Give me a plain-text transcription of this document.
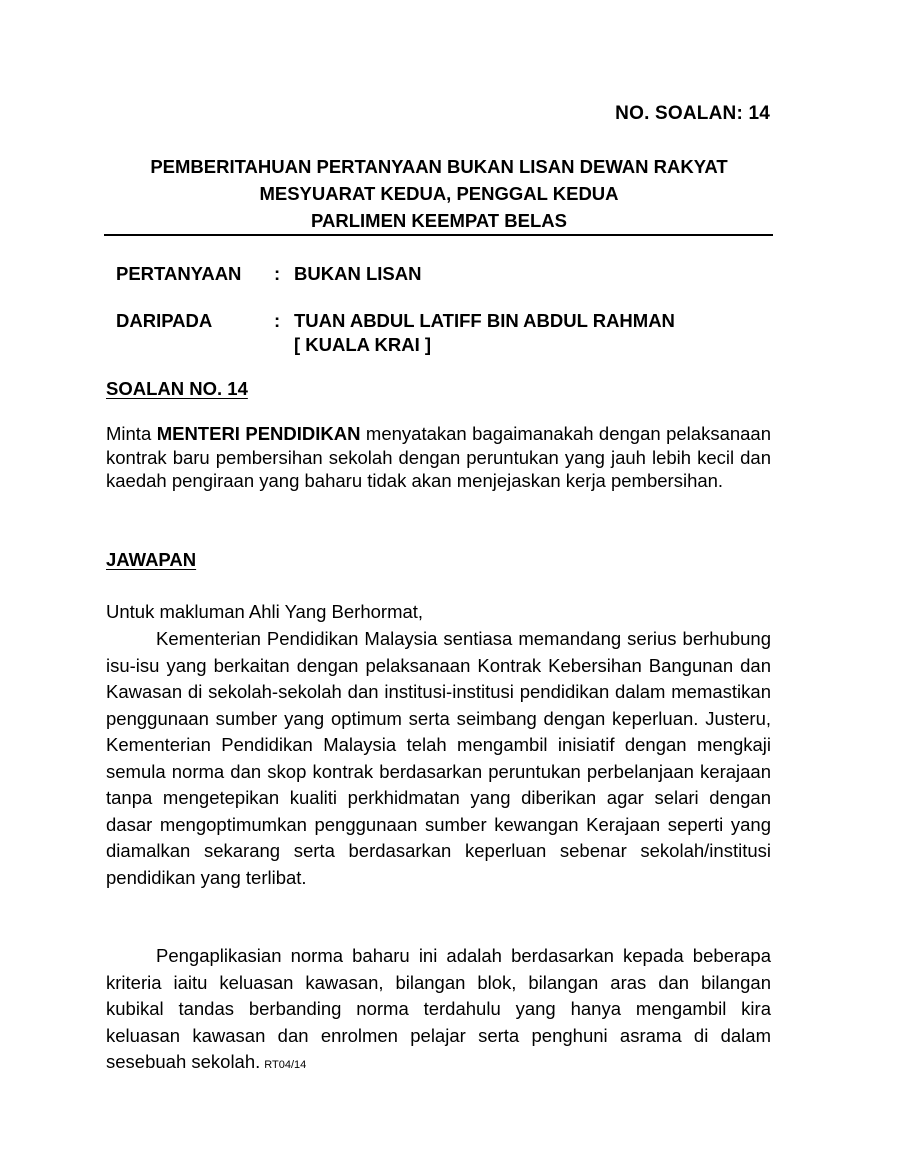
NO. SOALAN: 14
PEMBERITAHUAN PERTANYAAN BUKAN LISAN DEWAN RAKYAT
MESYUARAT KEDUA, PENGGAL KEDUA
PARLIMEN KEEMPAT BELAS
PERTANYAAN : BUKAN LISAN
DARIPADA	: TUAN ABDUL LATIFF BIN ABDUL RAHMAN
[ KUALA KRAI ]
SOALAN NO. 14
Minta MENTERI PENDIDIKAN menyatakan bagaimanakah dengan pelaksanaan kontrak baru pembersihan sekolah dengan peruntukan yang jauh lebih kecil dan kaedah pengiraan yang baharu tidak akan menjejaskan kerja pembersihan.
JAWAPAN
Untuk makluman Ahli Yang Berhormat,
Kementerian Pendidikan Malaysia sentiasa memandang serius berhubung isu-isu yang berkaitan dengan pelaksanaan Kontrak Kebersihan Bangunan dan Kawasan di sekolah-sekolah dan institusi-institusi pendidikan dalam memastikan penggunaan sumber yang optimum serta seimbang dengan keperluan. Justeru, Kementerian Pendidikan Malaysia telah mengambil inisiatif dengan mengkaji semula norma dan skop kontrak berdasarkan peruntukan perbelanjaan kerajaan tanpa mengetepikan kualiti perkhidmatan yang diberikan agar selari dengan dasar mengoptimumkan penggunaan sumber kewangan Kerajaan seperti yang diamalkan sekarang serta berdasarkan keperluan sebenar sekolah/institusi pendidikan yang terlibat.
Pengaplikasian norma baharu ini adalah berdasarkan kepada beberapa kriteria iaitu keluasan kawasan, bilangan blok, bilangan aras dan bilangan kubikal tandas berbanding norma terdahulu yang hanya mengambil kira keluasan kawasan dan enrolmen pelajar serta penghuni asrama di dalam sesebuah sekolah. RT04/14
